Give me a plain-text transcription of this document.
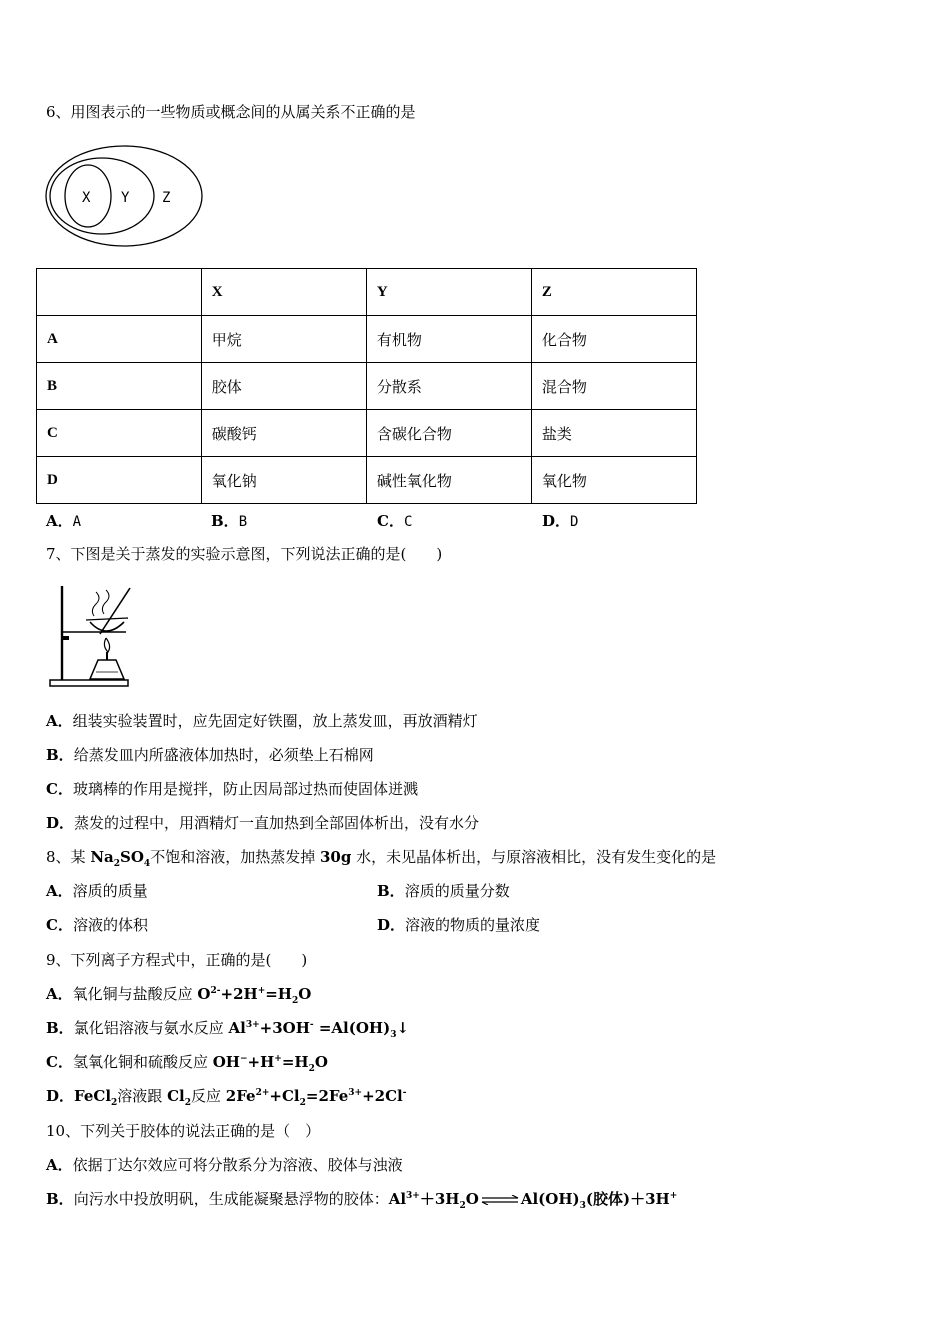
6、用图表示的一些物质或概念间的从属关系不正确的是
X Y Z
	X	Y	Z
A	甲烷	有机物	化合物
B	胶体	分散系	混合物
C	碳酸钙	含碳化合物	盐类
D	氧化钠	碱性氧化物	氧化物
A．A	B．B	C．C	D．D
7、下图是关于蒸发的实验示意图，下列说法正确的是(　　)
A．组装实验装置时，应先固定好铁圈，放上蒸发皿，再放酒精灯
B．给蒸发皿内所盛液体加热时，必须垫上石棉网
C．玻璃棒的作用是搅拌，防止因局部过热而使固体迸溅
D．蒸发的过程中，用酒精灯一直加热到全部固体析出，没有水分
8、某 $Na_2SO_4$不饱和溶液，加热蒸发掉 30g 水，未见晶体析出，与原溶液相比，没有发生变化的是
A．溶质的质量	B．溶质的质量分数
C．溶液的体积	D．溶液的物质的量浓度
9、下列离子方程式中，正确的是(　　)
A．氧化铜与盐酸反应 $O^{2-}+2H^+=H_2O$
B．氯化铝溶液与氨水反应 $Al^{3+}+3OH^-$ $=Al(OH)_3↓$
C．氢氧化铜和硫酸反应 $OH^-+H^+=H_2O$
D．FeCl$_2$溶液跟 $Cl_2$反应 $2Fe^{2+}+Cl_2=2Fe^{3+}+2Cl^-$
10、下列关于胶体的说法正确的是（　）
A．依据丁达尔效应可将分散系分为溶液、胶体与浊液
B．向污水中投放明矾，生成能凝聚悬浮物的胶体：$Al^{3+}+3H_2O$ ⇌ $Al(OH)_3$(胶体)＋3H+
